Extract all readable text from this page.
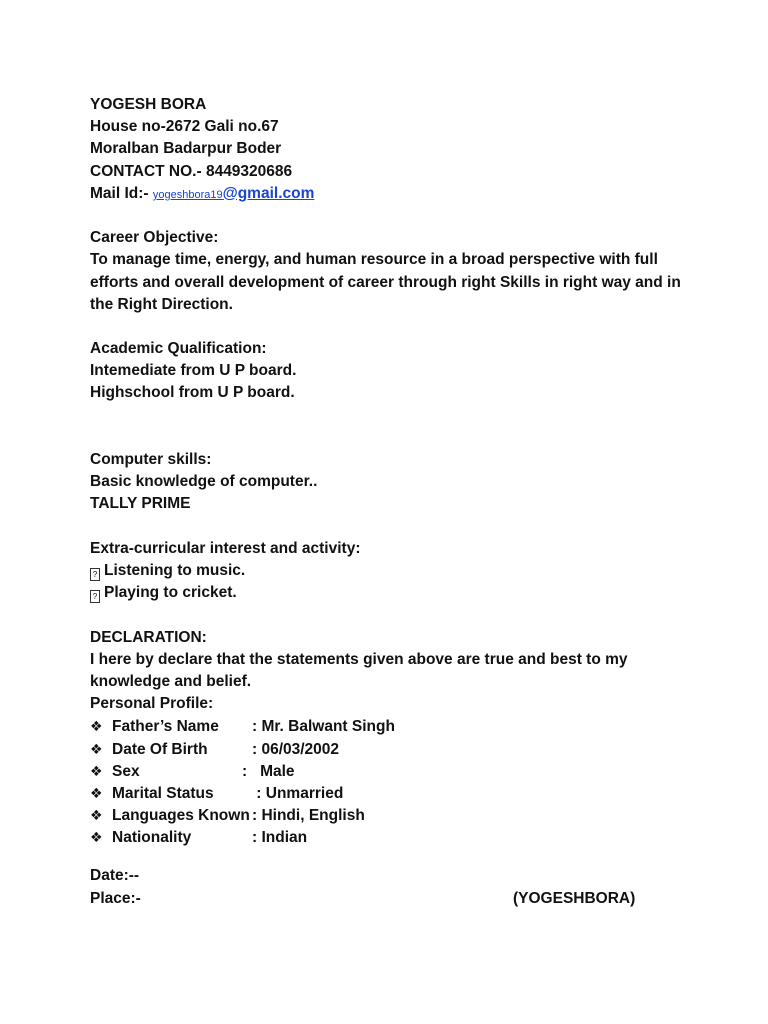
YOGESH BORA
House no-2672 Gali no.67
Moralban Badarpur Boder
CONTACT NO.- 8449320686
Mail Id:- yogeshbora19@gmail.com
Career Objective:
To manage time, energy, and human resource in a broad perspective with full efforts and overall development of career through right Skills in right way and in the Right Direction.
Academic Qualification:
Intemediate from U P board.
Highschool from U P board.
Computer skills:
Basic knowledge of computer..
TALLY PRIME
Extra-curricular interest and activity:
? Listening to music.
? Playing to cricket.
DECLARATION:
I here by declare that the statements given above are true and best to my knowledge and belief.
Personal Profile:
❖ Father’s Name : Mr. Balwant Singh
❖ Date Of Birth	: 06/03/2002
❖ Sex	:   Male
❖ Marital Status : Unmarried
❖ Languages Known : Hindi, English
❖ Nationality	: Indian
Date:--
Place:-	(YOGESHBORA)
